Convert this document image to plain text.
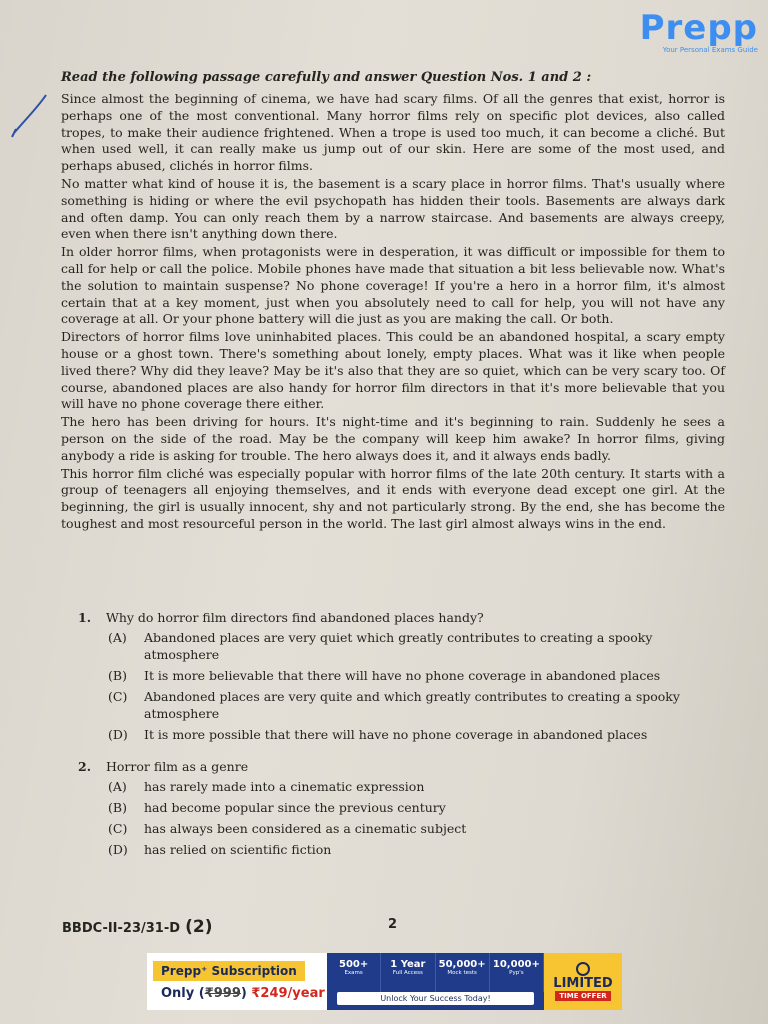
Prepp
Your Personal Exams Guide

Read the following passage carefully and answer Question Nos. 1 and 2 :

Since almost the beginning of cinema, we have had scary films. Of all the genres that exist, horror is perhaps one of the most conventional. Many horror films rely on specific plot devices, also called tropes, to make their audience frightened. When a trope is used too much, it can become a cliché. But when used well, it can really make us jump out of our skin. Here are some of the most used, and perhaps abused, clichés in horror films.

No matter what kind of house it is, the basement is a scary place in horror films. That's usually where something is hiding or where the evil psychopath has hidden their tools. Basements are always dark and often damp. You can only reach them by a narrow staircase. And basements are always creepy, even when there isn't anything down there.

In older horror films, when protagonists were in desperation, it was difficult or impossible for them to call for help or call the police. Mobile phones have made that situation a bit less believable now. What's the solution to maintain suspense? No phone coverage! If you're a hero in a horror film, it's almost certain that at a key moment, just when you absolutely need to call for help, you will not have any coverage at all. Or your phone battery will die just as you are making the call. Or both.

Directors of horror films love uninhabited places. This could be an abandoned hospital, a scary empty house or a ghost town. There's something about lonely, empty places. What was it like when people lived there? Why did they leave? May be it's also that they are so quiet, which can be very scary too. Of course, abandoned places are also handy for horror film directors in that it's more believable that you will have no phone coverage there either.

The hero has been driving for hours. It's night-time and it's beginning to rain. Suddenly he sees a person on the side of the road. May be the company will keep him awake? In horror films, giving anybody a ride is asking for trouble. The hero always does it, and it always ends badly.

This horror film cliché was especially popular with horror films of the late 20th century. It starts with a group of teenagers all enjoying themselves, and it ends with everyone dead except one girl. At the beginning, the girl is usually innocent, shy and not particularly strong. By the end, she has become the toughest and most resourceful person in the world. The last girl almost always wins in the end.

1.	Why do horror film directors find abandoned places handy?
(A)	Abandoned places are very quiet which greatly contributes to creating a spooky atmosphere
(B)	It is more believable that there will have no phone coverage in abandoned places
(C)	Abandoned places are very quite and which greatly contributes to creating a spooky atmosphere
(D)	It is more possible that there will have no phone coverage in abandoned places
2.	Horror film as a genre
(A)	has rarely made into a cinematic expression
(B)	had become popular since the previous century
(C)	has always been considered as a cinematic subject
(D)	has relied on scientific fiction
BBDC-II-23/31-D (2)	2
Prepp⁺ Subscription
Only (₹999) ₹249/year
500+
Exams
1 Year
Full Access
50,000+
Mock tests
10,000+
Pyp's
Unlock Your Success Today!
LIMITED
TIME OFFER
